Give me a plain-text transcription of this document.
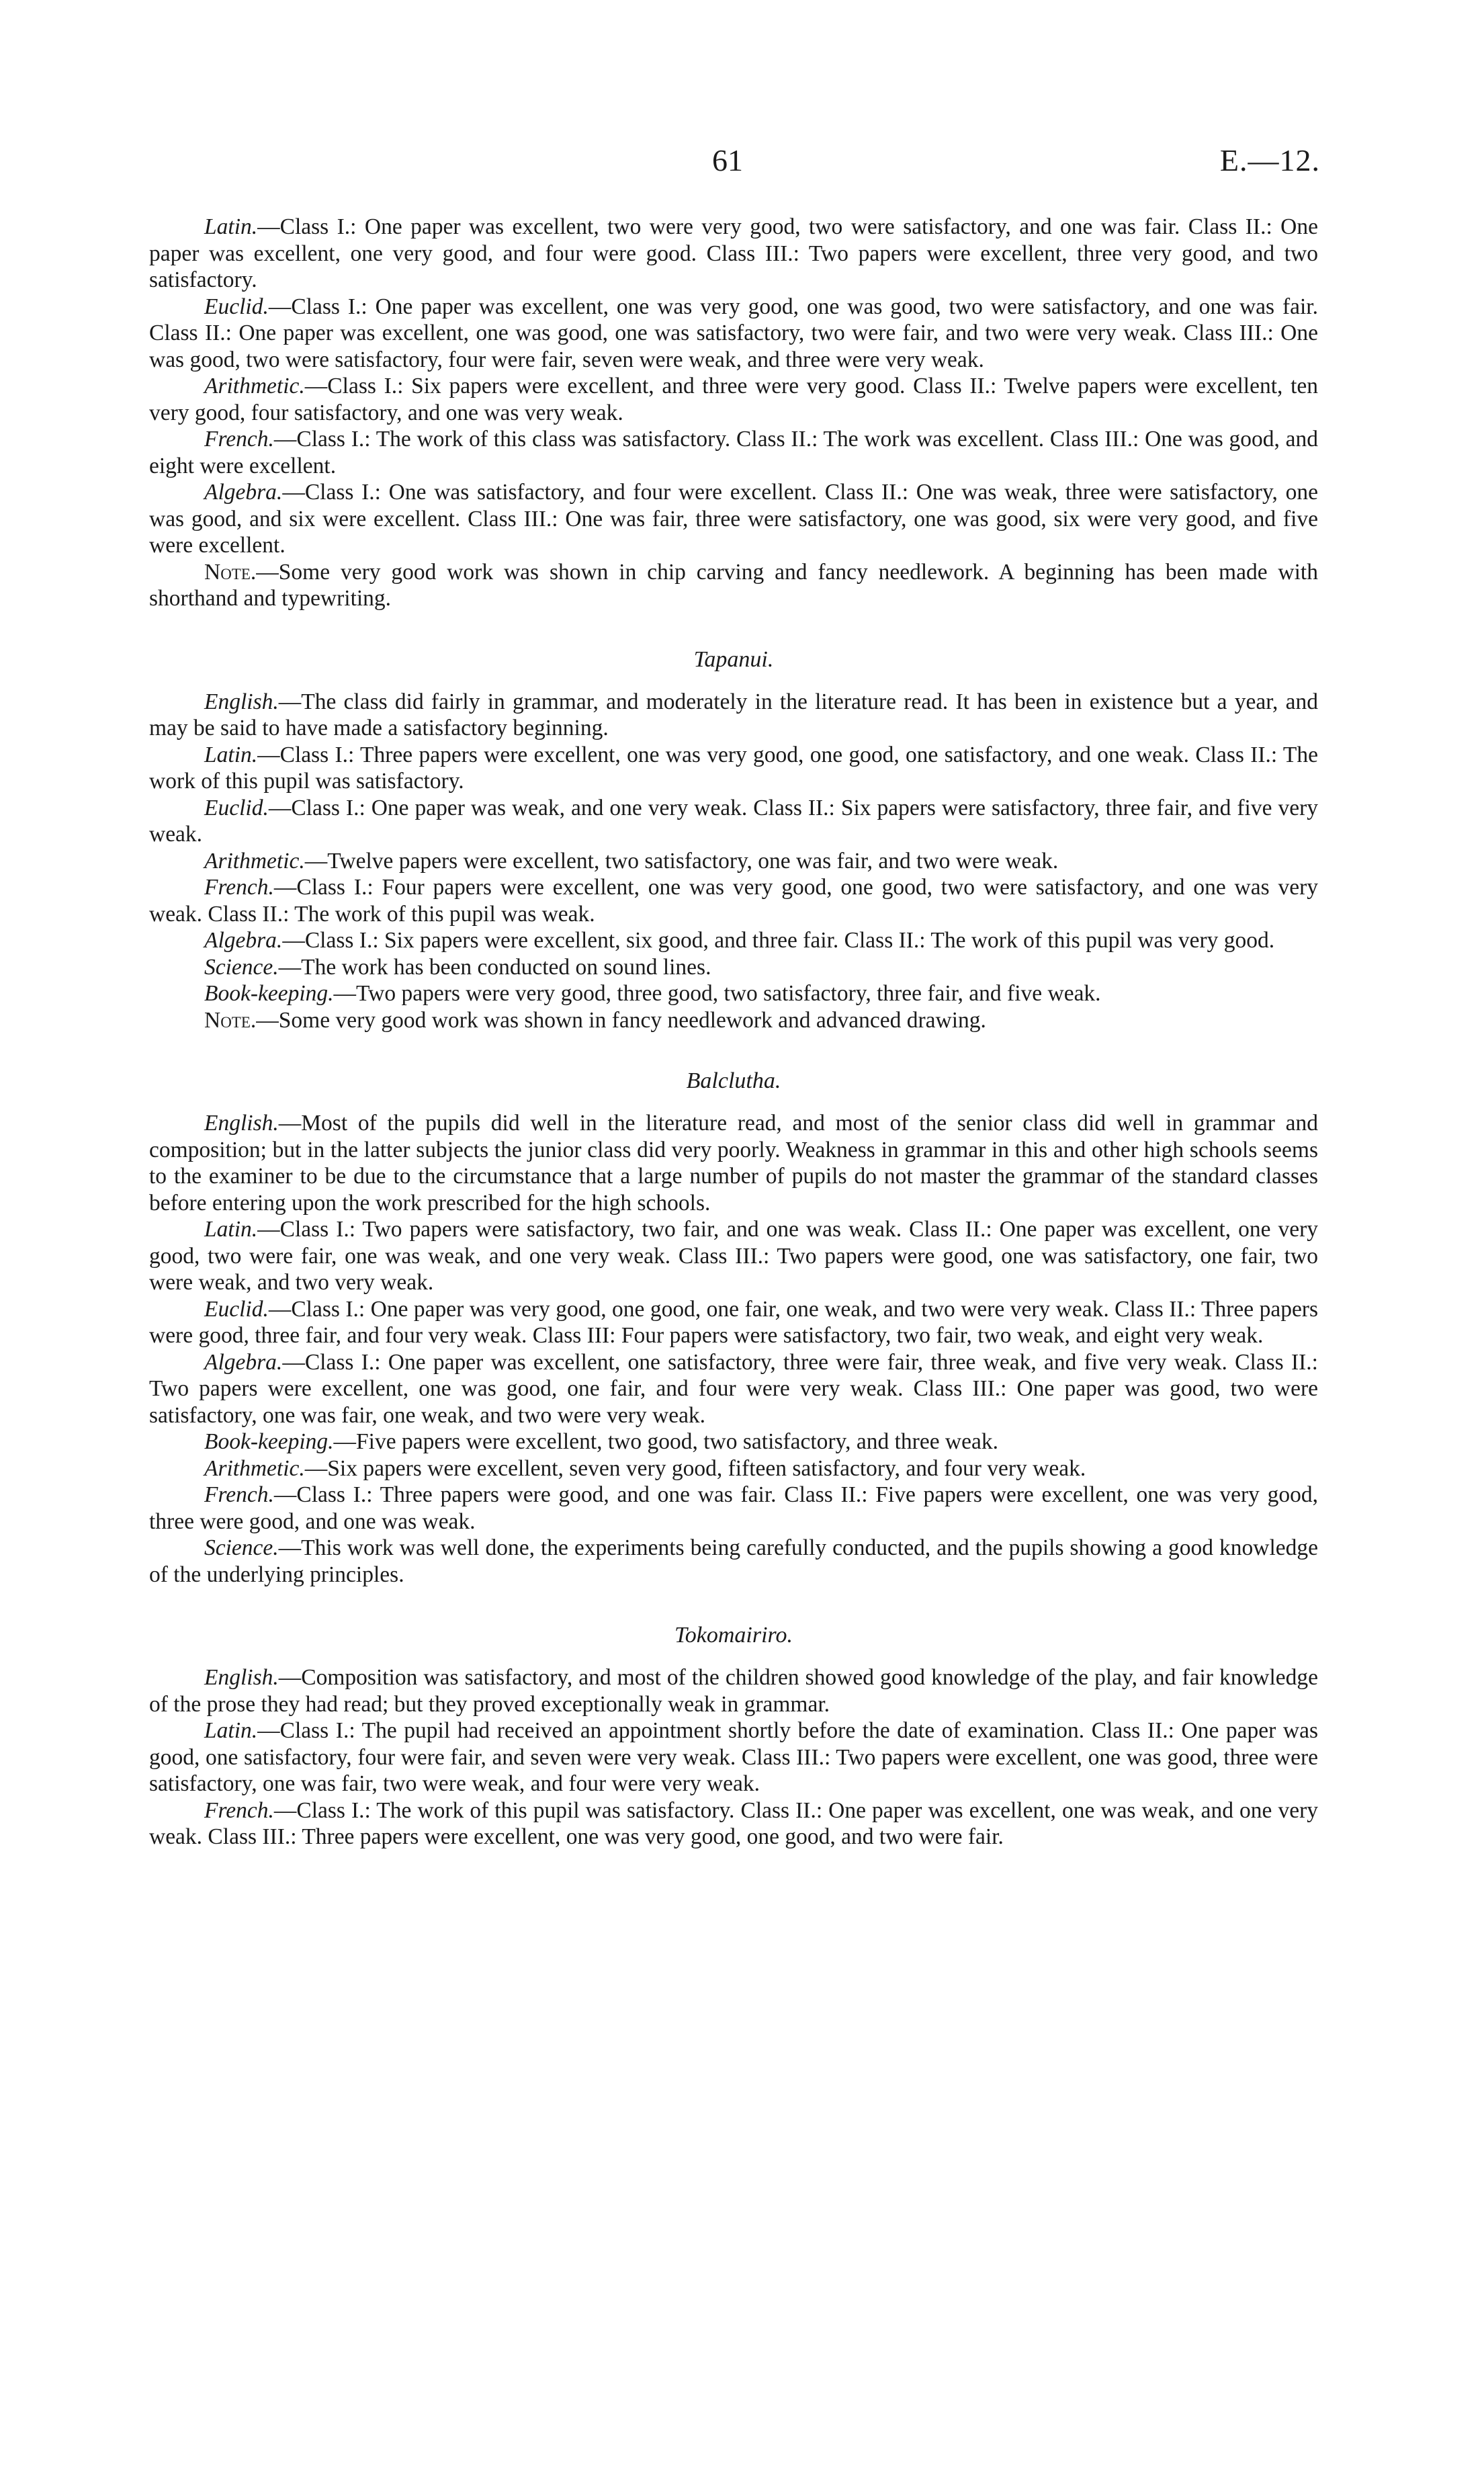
61	E.—12.

Latin.—Class I.: One paper was excellent, two were very good, two were satisfactory, and one was fair. Class II.: One paper was excellent, one very good, and four were good. Class III.: Two papers were excellent, three very good, and two satisfactory.

Euclid.—Class I.: One paper was excellent, one was very good, one was good, two were satisfactory, and one was fair. Class II.: One paper was excellent, one was good, one was satisfactory, two were fair, and two were very weak. Class III.: One was good, two were satisfactory, four were fair, seven were weak, and three were very weak.

Arithmetic.—Class I.: Six papers were excellent, and three were very good. Class II.: Twelve papers were excellent, ten very good, four satisfactory, and one was very weak.

French.—Class I.: The work of this class was satisfactory. Class II.: The work was excellent. Class III.: One was good, and eight were excellent.

Algebra.—Class I.: One was satisfactory, and four were excellent. Class II.: One was weak, three were satisfactory, one was good, and six were excellent. Class III.: One was fair, three were satisfactory, one was good, six were very good, and five were excellent.

Note.—Some very good work was shown in chip carving and fancy needlework. A beginning has been made with shorthand and typewriting.

Tapanui.

English.—The class did fairly in grammar, and moderately in the literature read. It has been in existence but a year, and may be said to have made a satisfactory beginning.

Latin.—Class I.: Three papers were excellent, one was very good, one good, one satisfactory, and one weak. Class II.: The work of this pupil was satisfactory.

Euclid.—Class I.: One paper was weak, and one very weak. Class II.: Six papers were satisfactory, three fair, and five very weak.

Arithmetic.—Twelve papers were excellent, two satisfactory, one was fair, and two were weak.

French.—Class I.: Four papers were excellent, one was very good, one good, two were satisfactory, and one was very weak. Class II.: The work of this pupil was weak.

Algebra.—Class I.: Six papers were excellent, six good, and three fair. Class II.: The work of this pupil was very good.

Science.—The work has been conducted on sound lines.

Book-keeping.—Two papers were very good, three good, two satisfactory, three fair, and five weak.

Note.—Some very good work was shown in fancy needlework and advanced drawing.

Balclutha.

English.—Most of the pupils did well in the literature read, and most of the senior class did well in grammar and composition; but in the latter subjects the junior class did very poorly. Weakness in grammar in this and other high schools seems to the examiner to be due to the circumstance that a large number of pupils do not master the grammar of the standard classes before entering upon the work prescribed for the high schools.

Latin.—Class I.: Two papers were satisfactory, two fair, and one was weak. Class II.: One paper was excellent, one very good, two were fair, one was weak, and one very weak. Class III.: Two papers were good, one was satisfactory, one fair, two were weak, and two very weak.

Euclid.—Class I.: One paper was very good, one good, one fair, one weak, and two were very weak. Class II.: Three papers were good, three fair, and four very weak. Class III: Four papers were satisfactory, two fair, two weak, and eight very weak.

Algebra.—Class I.: One paper was excellent, one satisfactory, three were fair, three weak, and five very weak. Class II.: Two papers were excellent, one was good, one fair, and four were very weak. Class III.: One paper was good, two were satisfactory, one was fair, one weak, and two were very weak.

Book-keeping.—Five papers were excellent, two good, two satisfactory, and three weak.

Arithmetic.—Six papers were excellent, seven very good, fifteen satisfactory, and four very weak.

French.—Class I.: Three papers were good, and one was fair. Class II.: Five papers were excellent, one was very good, three were good, and one was weak.

Science.—This work was well done, the experiments being carefully conducted, and the pupils showing a good knowledge of the underlying principles.

Tokomairiro.

English.—Composition was satisfactory, and most of the children showed good knowledge of the play, and fair knowledge of the prose they had read; but they proved exceptionally weak in grammar.

Latin.—Class I.: The pupil had received an appointment shortly before the date of examination. Class II.: One paper was good, one satisfactory, four were fair, and seven were very weak. Class III.: Two papers were excellent, one was good, three were satisfactory, one was fair, two were weak, and four were very weak.

French.—Class I.: The work of this pupil was satisfactory. Class II.: One paper was excellent, one was weak, and one very weak. Class III.: Three papers were excellent, one was very good, one good, and two were fair.
